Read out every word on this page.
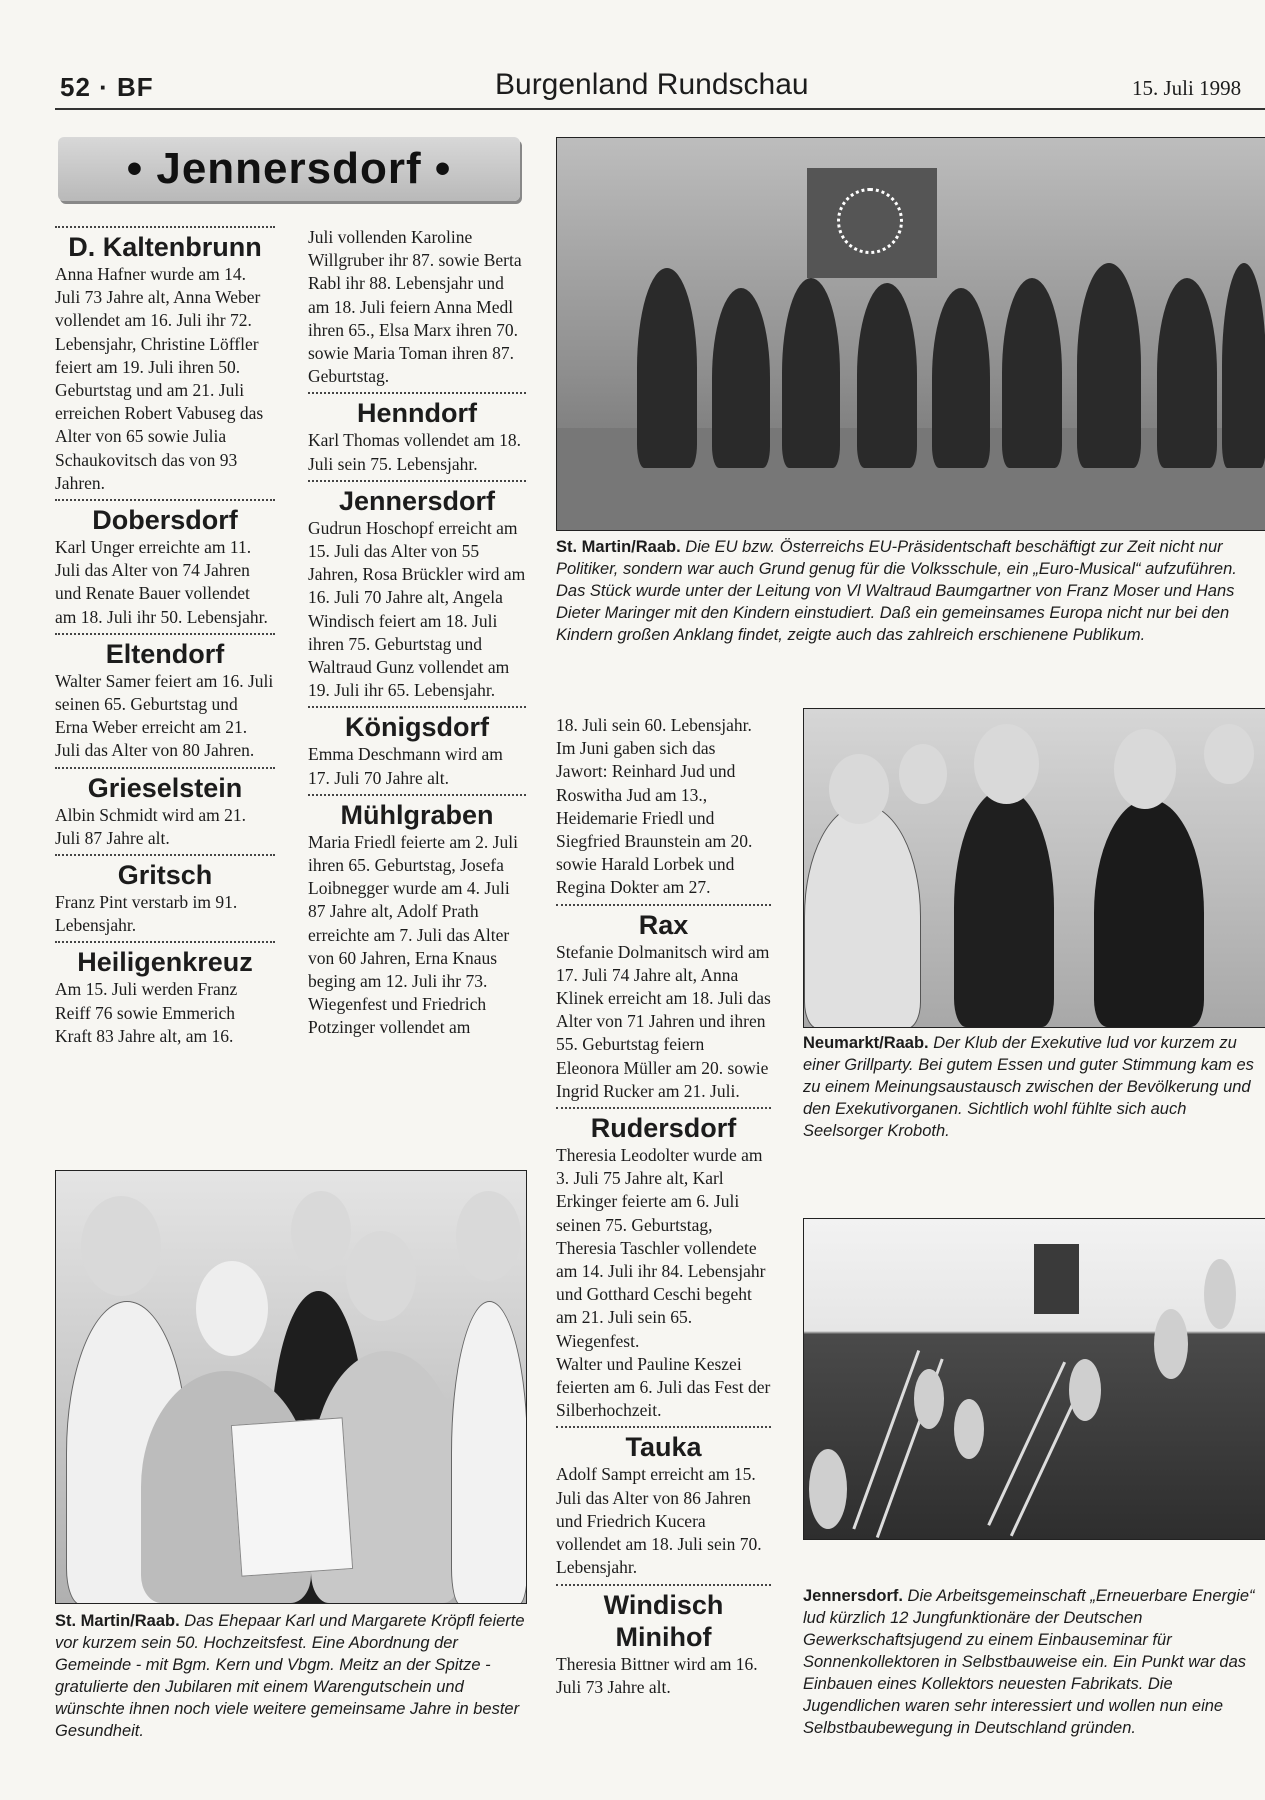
52 · BF	Burgenland Rundschau	15. Juli 1998
• Jennersdorf •
D. Kaltenbrunn

Anna Hafner wurde am 14. Juli 73 Jahre alt, Anna Weber vollendet am 16. Juli ihr 72. Lebensjahr, Christine Löffler feiert am 19. Juli ihren 50. Geburtstag und am 21. Juli erreichen Robert Vabuseg das Alter von 65 sowie Julia Schaukovitsch das von 93 Jahren.

Dobersdorf

Karl Unger erreichte am 11. Juli das Alter von 74 Jahren und Renate Bauer vollendet am 18. Juli ihr 50. Lebensjahr.

Eltendorf

Walter Samer feiert am 16. Juli seinen 65. Geburtstag und Erna Weber erreicht am 21. Juli das Alter von 80 Jahren.

Grieselstein

Albin Schmidt wird am 21. Juli 87 Jahre alt.

Gritsch

Franz Pint verstarb im 91. Lebensjahr.

Heiligenkreuz

Am 15. Juli werden Franz Reiff 76 sowie Emmerich Kraft 83 Jahre alt, am 16.

Juli vollenden Karoline Willgruber ihr 87. sowie Berta Rabl ihr 88. Lebensjahr und am 18. Juli feiern Anna Medl ihren 65., Elsa Marx ihren 70. sowie Maria Toman ihren 87. Geburtstag.

Henndorf

Karl Thomas vollendet am 18. Juli sein 75. Lebensjahr.

Jennersdorf

Gudrun Hoschopf erreicht am 15. Juli das Alter von 55 Jahren, Rosa Brückler wird am 16. Juli 70 Jahre alt, Angela Windisch feiert am 18. Juli ihren 75. Geburtstag und Waltraud Gunz vollendet am 19. Juli ihr 65. Lebensjahr.

Königsdorf

Emma Deschmann wird am 17. Juli 70 Jahre alt.

Mühlgraben

Maria Friedl feierte am 2. Juli ihren 65. Geburtstag, Josefa Loibnegger wurde am 4. Juli 87 Jahre alt, Adolf Prath erreichte am 7. Juli das Alter von 60 Jahren, Erna Knaus beging am 12. Juli ihr 73. Wiegenfest und Friedrich Potzinger vollendet am

St. Martin/Raab. Die EU bzw. Österreichs EU-Präsidentschaft beschäftigt zur Zeit nicht nur Politiker, sondern war auch Grund genug für die Volksschule, ein „Euro-Musical“ aufzuführen. Das Stück wurde unter der Leitung von Vl Waltraud Baumgartner von Franz Moser und Hans Dieter Maringer mit den Kindern einstudiert. Daß ein gemeinsames Europa nicht nur bei den Kindern großen Anklang findet, zeigte auch das zahlreich erschienene Publikum.

18. Juli sein 60. Lebensjahr.

Im Juni gaben sich das Jawort: Reinhard Jud und Roswitha Jud am 13., Heidemarie Friedl und Siegfried Braunstein am 20. sowie Harald Lorbek und Regina Dokter am 27.

Rax

Stefanie Dolmanitsch wird am 17. Juli 74 Jahre alt, Anna Klinek erreicht am 18. Juli das Alter von 71 Jahren und ihren 55. Geburtstag feiern Eleonora Müller am 20. sowie Ingrid Rucker am 21. Juli.

Rudersdorf

Theresia Leodolter wurde am 3. Juli 75 Jahre alt, Karl Erkinger feierte am 6. Juli seinen 75. Geburtstag, Theresia Taschler vollendete am 14. Juli ihr 84. Lebensjahr und Gotthard Ceschi begeht am 21. Juli sein 65. Wiegenfest.

Walter und Pauline Keszei feierten am 6. Juli das Fest der Silberhochzeit.

Tauka

Adolf Sampt erreicht am 15. Juli das Alter von 86 Jahren und Friedrich Kucera vollendet am 18. Juli sein 70. Lebensjahr.

Windisch Minihof

Theresia Bittner wird am 16. Juli 73 Jahre alt.

Neumarkt/Raab. Der Klub der Exekutive lud vor kurzem zu einer Grillparty. Bei gutem Essen und guter Stimmung kam es zu einem Meinungsaustausch zwischen der Bevölkerung und den Exekutivorganen. Sichtlich wohl fühlte sich auch Seelsorger Kroboth.
St. Martin/Raab. Das Ehepaar Karl und Margarete Kröpfl feierte vor kurzem sein 50. Hochzeitsfest. Eine Abordnung der Gemeinde - mit Bgm. Kern und Vbgm. Meitz an der Spitze - gratulierte den Jubilaren mit einem Warengutschein und wünschte ihnen noch viele weitere gemeinsame Jahre in bester Gesundheit.
Jennersdorf. Die Arbeitsgemeinschaft „Erneuerbare Energie“ lud kürzlich 12 Jungfunktionäre der Deutschen Gewerkschaftsjugend zu einem Einbauseminar für Sonnenkollektoren in Selbstbauweise ein. Ein Punkt war das Einbauen eines Kollektors neuesten Fabrikats. Die Jugendlichen waren sehr interessiert und wollen nun eine Selbstbaubewegung in Deutschland gründen.
